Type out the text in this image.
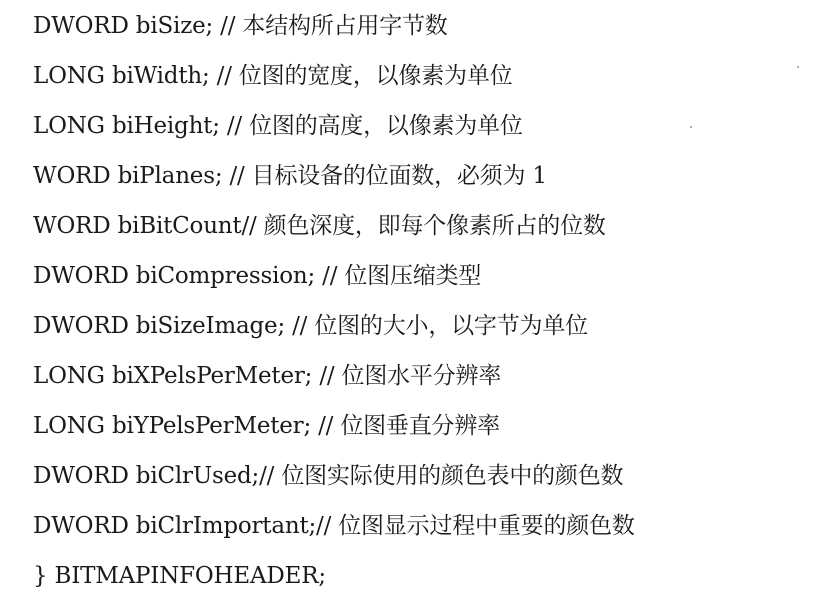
DWORD biSize; // 本结构所占用字节数
LONG biWidth; // 位图的宽度，以像素为单位
LONG biHeight; // 位图的高度，以像素为单位
WORD biPlanes; // 目标设备的位面数，必须为 1
WORD biBitCount// 颜色深度，即每个像素所占的位数
DWORD biCompression; // 位图压缩类型
DWORD biSizeImage; // 位图的大小，以字节为单位
LONG biXPelsPerMeter; // 位图水平分辨率
LONG biYPelsPerMeter; // 位图垂直分辨率
DWORD biClrUsed;// 位图实际使用的颜色表中的颜色数
DWORD biClrImportant;// 位图显示过程中重要的颜色数
} BITMAPINFOHEADER;
